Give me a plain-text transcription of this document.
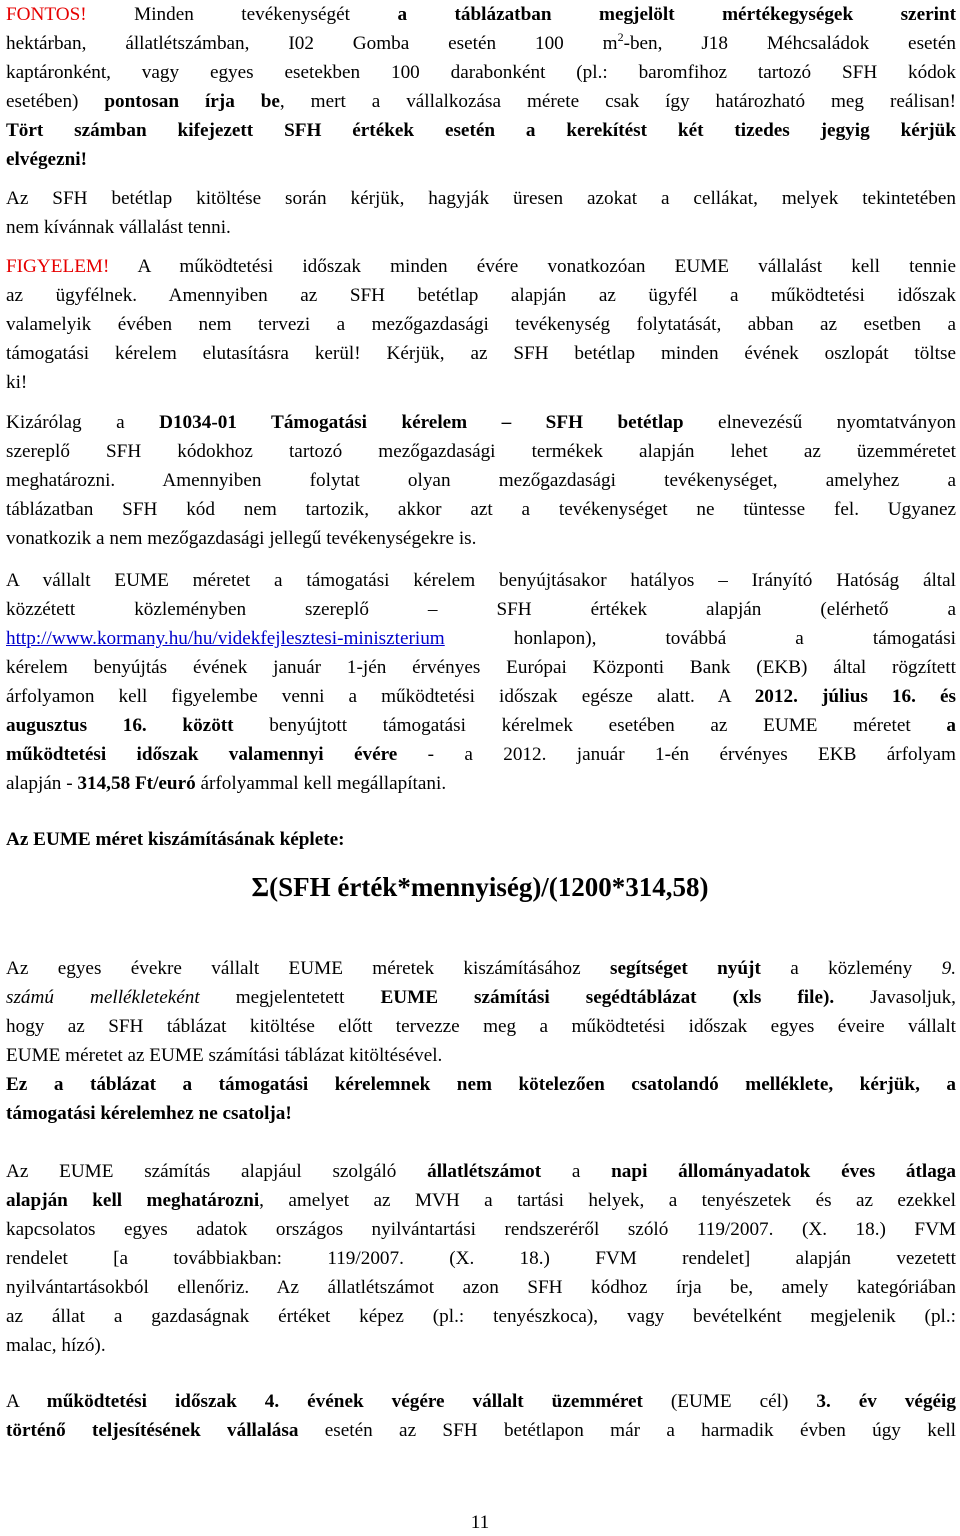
FONTOS! Minden tevékenységét a táblázatban megjelölt mértékegységek szerint
hektárban, állatlétszámban, I02 Gomba esetén 100 $m^2$-ben, J18 Méhcsaládok esetén
kaptáronként, vagy egyes esetekben 100 darabonként (pl.: baromfihoz tartozó SFH kódok
esetében) pontosan írja be, mert a vállalkozása mérete csak így határozható meg reálisan!
Tört számban kifejezett SFH értékek esetén a kerekítést két tizedes jegyig kérjük
elvégezni!
Az SFH betétlap kitöltése során kérjük, hagyják üresen azokat a cellákat, melyek tekintetében
nem kívánnak vállalást tenni.
FIGYELEM! A működtetési időszak minden évére vonatkozóan EUME vállalást kell tennie
az ügyfélnek. Amennyiben az SFH betétlap alapján az ügyfél a működtetési időszak
valamelyik évében nem tervezi a mezőgazdasági tevékenység folytatását, abban az esetben a
támogatási kérelem elutasításra kerül! Kérjük, az SFH betétlap minden évének oszlopát töltse
ki!
Kizárólag a D1034-01 Támogatási kérelem – SFH betétlap elnevezésű nyomtatványon
szereplő SFH kódokhoz tartozó mezőgazdasági termékek alapján lehet az üzemméretet
meghatározni. Amennyiben folytat olyan mezőgazdasági tevékenységet, amelyhez a
táblázatban SFH kód nem tartozik, akkor azt a tevékenységet ne tüntesse fel. Ugyanez
vonatkozik a nem mezőgazdasági jellegű tevékenységekre is.
A vállalt EUME méretet a támogatási kérelem benyújtásakor hatályos – Irányító Hatóság által
közzétett közleményben szereplő – SFH értékek alapján (elérhető a
http://www.kormany.hu/hu/videkfejlesztesi-miniszterium honlapon), továbbá a támogatási
kérelem benyújtás évének január 1-jén érvényes Európai Központi Bank (EKB) által rögzített
árfolyamon kell figyelembe venni a működtetési időszak egésze alatt. A 2012. július 16. és
augusztus 16. között benyújtott támogatási kérelmek esetében az EUME méretet a
működtetési időszak valamennyi évére - a 2012. január 1-én érvényes EKB árfolyam
alapján - 314,58 Ft/euró árfolyammal kell megállapítani.
Az EUME méret kiszámításának képlete:
Σ(SFH érték*mennyiség)/(1200*314,58)
Az egyes évekre vállalt EUME méretek kiszámításához segítséget nyújt a közlemény 9.
számú mellékleteként megjelentetett EUME számítási segédtáblázat (xls file). Javasoljuk,
hogy az SFH táblázat kitöltése előtt tervezze meg a működtetési időszak egyes éveire vállalt
EUME méretet az EUME számítási táblázat kitöltésével.
Ez a táblázat a támogatási kérelemnek nem kötelezően csatolandó melléklete, kérjük, a
támogatási kérelemhez ne csatolja!
Az EUME számítás alapjául szolgáló állatlétszámot a napi állományadatok éves átlaga
alapján kell meghatározni, amelyet az MVH a tartási helyek, a tenyészetek és az ezekkel
kapcsolatos egyes adatok országos nyilvántartási rendszeréről szóló 119/2007. (X. 18.) FVM
rendelet [a továbbiakban: 119/2007. (X. 18.) FVM rendelet] alapján vezetett
nyilvántartásokból ellenőriz. Az állatlétszámot azon SFH kódhoz írja be, amely kategóriában
az állat a gazdaságnak értéket képez (pl.: tenyészkoca), vagy bevételként megjelenik (pl.:
malac, hízó).
A működtetési időszak 4. évének végére vállalt üzemméret (EUME cél) 3. év végéig
történő teljesítésének vállalása esetén az SFH betétlapon már a harmadik évben úgy kell
11
